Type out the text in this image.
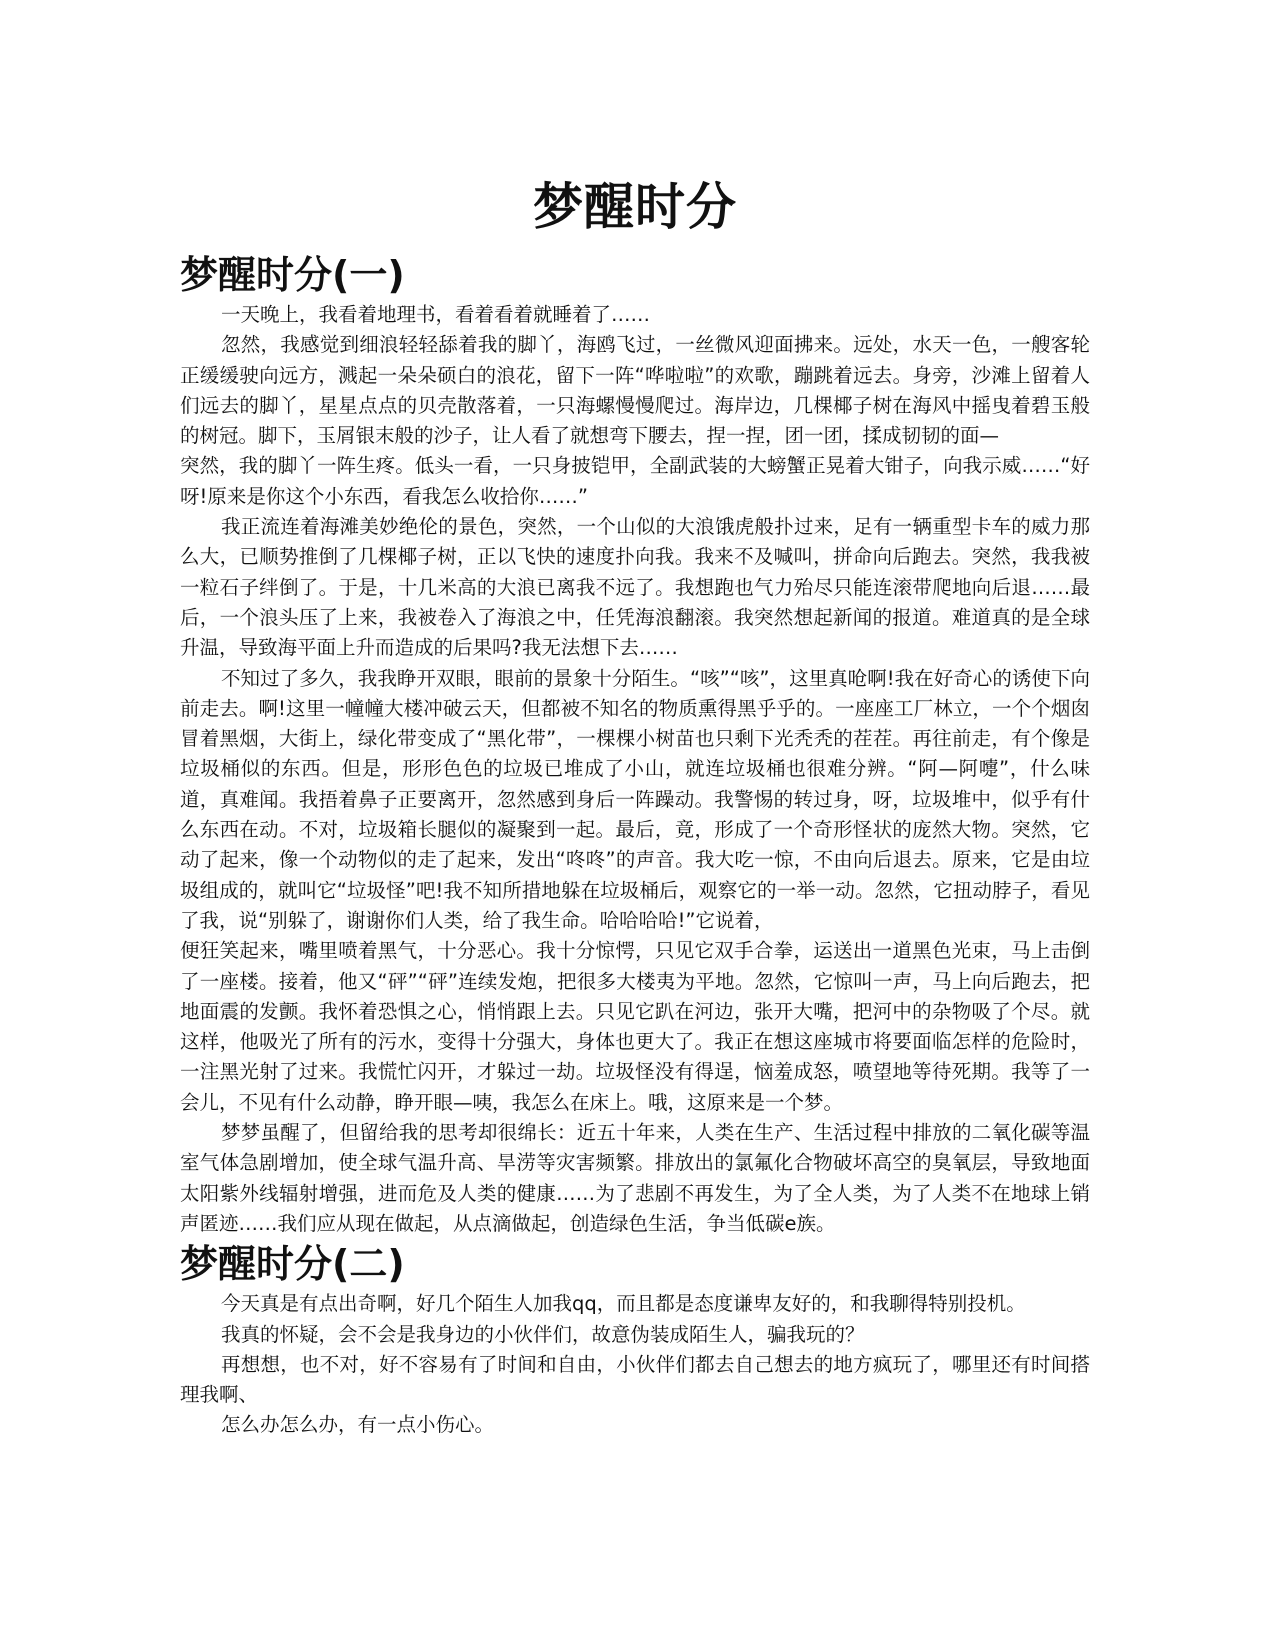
梦醒时分
梦醒时分(一)

一天晚上，我看着地理书，看着看着就睡着了……

忽然，我感觉到细浪轻轻舔着我的脚丫，海鸥飞过，一丝微风迎面拂来。远处，水天一色，一艘客轮正缓缓驶向远方，溅起一朵朵硕白的浪花，留下一阵“哗啦啦”的欢歌，蹦跳着远去。身旁，沙滩上留着人们远去的脚丫，星星点点的贝壳散落着，一只海螺慢慢爬过。海岸边，几棵椰子树在海风中摇曳着碧玉般的树冠。脚下，玉屑银末般的沙子，让人看了就想弯下腰去，捏一捏，团一团，揉成韧韧的面—

突然，我的脚丫一阵生疼。低头一看，一只身披铠甲，全副武装的大螃蟹正晃着大钳子，向我示威……“好呀!原来是你这个小东西，看我怎么收拾你……”

我正流连着海滩美妙绝伦的景色，突然，一个山似的大浪饿虎般扑过来，足有一辆重型卡车的威力那么大，已顺势推倒了几棵椰子树，正以飞快的速度扑向我。我来不及喊叫，拼命向后跑去。突然，我我被一粒石子绊倒了。于是，十几米高的大浪已离我不远了。我想跑也气力殆尽只能连滚带爬地向后退……最后，一个浪头压了上来，我被卷入了海浪之中，任凭海浪翻滚。我突然想起新闻的报道。难道真的是全球升温，导致海平面上升而造成的后果吗?我无法想下去……

不知过了多久，我我睁开双眼，眼前的景象十分陌生。“咳”“咳”，这里真呛啊!我在好奇心的诱使下向前走去。啊!这里一幢幢大楼冲破云天，但都被不知名的物质熏得黑乎乎的。一座座工厂林立，一个个烟囱冒着黑烟，大街上，绿化带变成了“黑化带”，一棵棵小树苗也只剩下光秃秃的茬茬。再往前走，有个像是垃圾桶似的东西。但是，形形色色的垃圾已堆成了小山，就连垃圾桶也很难分辨。“阿—阿嚏”，什么味道，真难闻。我捂着鼻子正要离开，忽然感到身后一阵躁动。我警惕的转过身，呀，垃圾堆中，似乎有什么东西在动。不对，垃圾箱长腿似的凝聚到一起。最后，竟，形成了一个奇形怪状的庞然大物。突然，它动了起来，像一个动物似的走了起来，发出“咚咚”的声音。我大吃一惊，不由向后退去。原来，它是由垃圾组成的，就叫它“垃圾怪”吧!我不知所措地躲在垃圾桶后，观察它的一举一动。忽然，它扭动脖子，看见了我，说“别躲了，谢谢你们人类，给了我生命。哈哈哈哈!”它说着，

便狂笑起来，嘴里喷着黑气，十分恶心。我十分惊愕，只见它双手合拳，运送出一道黑色光束，马上击倒了一座楼。接着，他又“砰”“砰”连续发炮，把很多大楼夷为平地。忽然，它惊叫一声，马上向后跑去，把地面震的发颤。我怀着恐惧之心，悄悄跟上去。只见它趴在河边，张开大嘴，把河中的杂物吸了个尽。就这样，他吸光了所有的污水，变得十分强大，身体也更大了。我正在想这座城市将要面临怎样的危险时，一注黑光射了过来。我慌忙闪开，才躲过一劫。垃圾怪没有得逞，恼羞成怒，喷望地等待死期。我等了一会儿，不见有什么动静，睁开眼—咦，我怎么在床上。哦，这原来是一个梦。

梦梦虽醒了，但留给我的思考却很绵长：近五十年来，人类在生产、生活过程中排放的二氧化碳等温室气体急剧增加，使全球气温升高、旱涝等灾害频繁。排放出的氯氟化合物破坏高空的臭氧层，导致地面太阳紫外线辐射增强，进而危及人类的健康……为了悲剧不再发生，为了全人类，为了人类不在地球上销声匿迹……我们应从现在做起，从点滴做起，创造绿色生活，争当低碳e族。

梦醒时分(二)

今天真是有点出奇啊，好几个陌生人加我qq，而且都是态度谦卑友好的，和我聊得特别投机。

我真的怀疑，会不会是我身边的小伙伴们，故意伪装成陌生人，骗我玩的？

再想想，也不对，好不容易有了时间和自由，小伙伴们都去自己想去的地方疯玩了，哪里还有时间搭理我啊、

怎么办怎么办，有一点小伤心。
